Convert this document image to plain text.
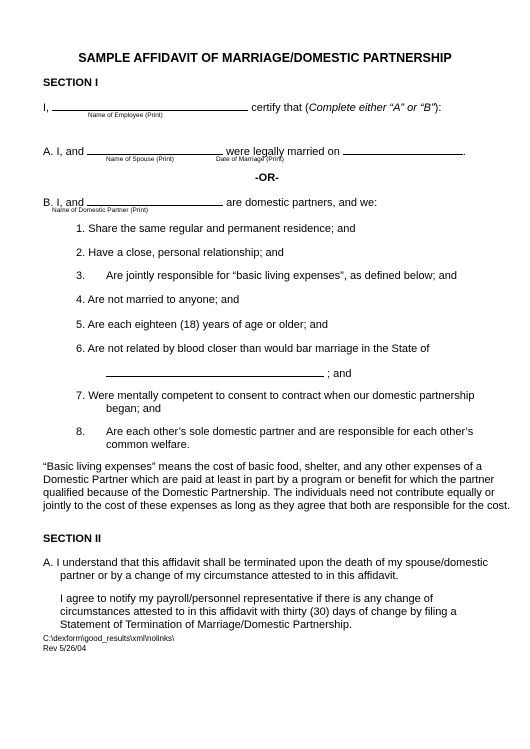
SAMPLE AFFIDAVIT OF MARRIAGE/DOMESTIC PARTNERSHIP
SECTION I
I,	certify that (Complete either “A” or “B”):
Name of Employee (Print)
A. I, and	were legally married on	.
Name of Spouse (Print)	Date of Marriage (Print)
-OR-
B. I, and	are domestic partners, and we:
Name of Domestic Partner (Print)
1. Share the same regular and permanent residence; and
2. Have a close, personal relationship; and
3. Are jointly responsible for “basic living expenses”, as defined below; and
4. Are not married to anyone; and
5. Are each eighteen (18) years of age or older; and
6. Are not related by blood closer than would bar marriage in the State of
; and
7. Were mentally competent to consent to contract when our domestic partnership
began; and
8. Are each other’s sole domestic partner and are responsible for each other’s
common welfare.
“Basic living expenses” means the cost of basic food, shelter, and any other expenses of a
Domestic Partner which are paid at least in part by a program or benefit for which the partner
qualified because of the Domestic Partnership. The individuals need not contribute equally or
jointly to the cost of these expenses as long as they agree that both are responsible for the cost.
SECTION II
A. I understand that this affidavit shall be terminated upon the death of my spouse/domestic
partner or by a change of my circumstance attested to in this affidavit.
I agree to notify my payroll/personnel representative if there is any change of
circumstances attested to in this affidavit with thirty (30) days of change by filing a
Statement of Termination of Marriage/Domestic Partnership.
C:\dexform\good_results\xml\nolinks\
Rev 5/26/04
